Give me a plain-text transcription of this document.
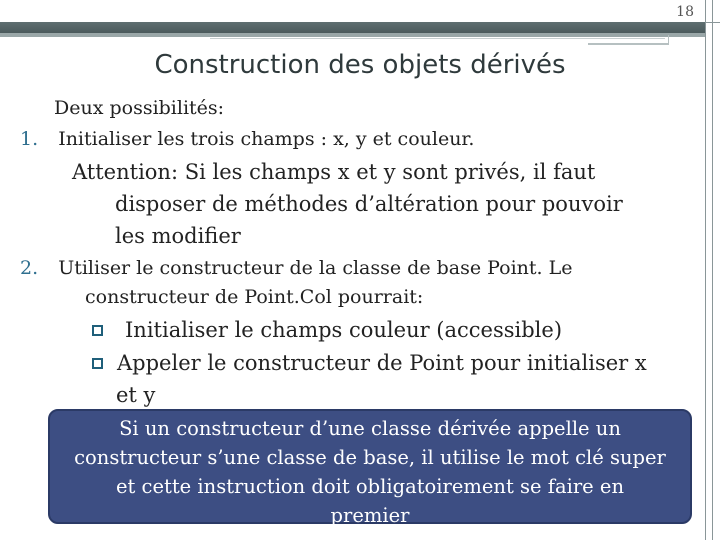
18
Construction des objets dérivés
Deux possibilités:
1. Initialiser les trois champs : x, y et couleur.
Attention: Si les champs x et y sont privés, il faut
disposer de méthodes d’altération pour pouvoir
les modifier
2. Utiliser le constructeur de la classe de base Point. Le
constructeur de Point.Col pourrait:
Initialiser le champs couleur (accessible)
Appeler le constructeur de Point pour initialiser x
et y
Si un constructeur d’une classe dérivée appelle un
constructeur s’une classe de base, il utilise le mot clé super
et cette instruction doit obligatoirement se faire en
premier
